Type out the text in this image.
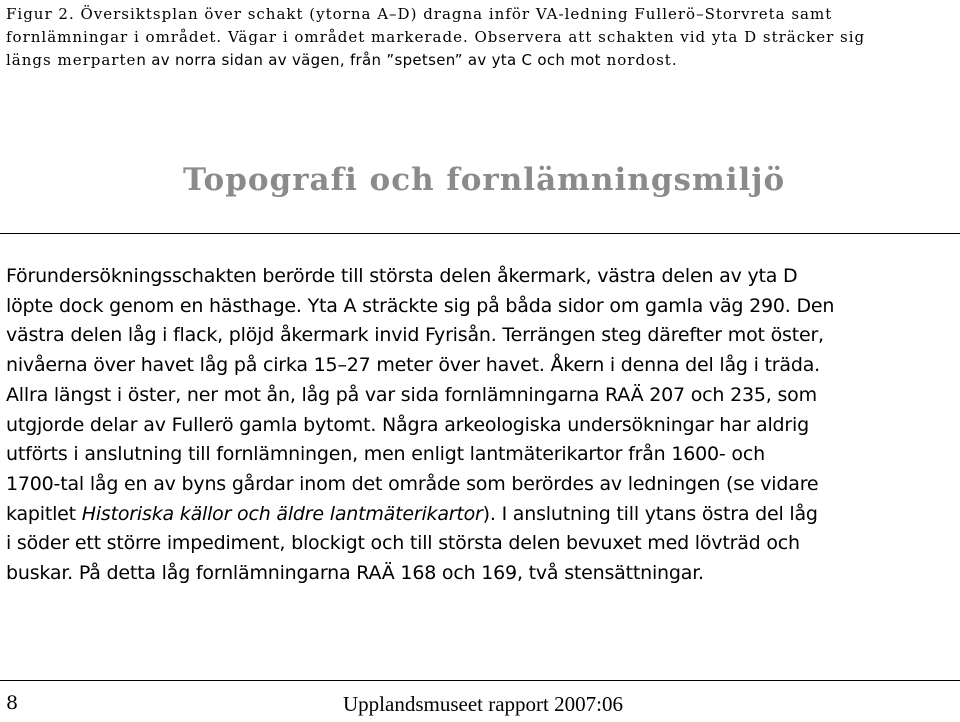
Figur 2. Översiktsplan över schakt (ytorna A–D) dragna inför VA-ledning Fullerö–Storvreta samt
fornlämningar i området. Vägar i området markerade. Observera att schakten vid yta D sträcker sig
längs merparten av norra sidan av vägen, från ”spetsen” av yta C och mot nordost.
Topografi och fornlämningsmiljö
Förundersökningsschakten berörde till största delen åkermark, västra delen av yta D
löpte dock genom en hästhage. Yta A sträckte sig på båda sidor om gamla väg 290. Den
västra delen låg i flack, plöjd åkermark invid Fyrisån. Terrängen steg därefter mot öster,
nivåerna över havet låg på cirka 15–27 meter över havet. Åkern i denna del låg i träda.
Allra längst i öster, ner mot ån, låg på var sida fornlämningarna RAÄ 207 och 235, som
utgjorde delar av Fullerö gamla bytomt. Några arkeologiska undersökningar har aldrig
utförts i anslutning till fornlämningen, men enligt lantmäterikartor från 1600- och
1700-tal låg en av byns gårdar inom det område som berördes av ledningen (se vidare
kapitlet Historiska källor och äldre lantmäterikartor). I anslutning till ytans östra del låg
i söder ett större impediment, blockigt och till största delen bevuxet med lövträd och
buskar. På detta låg fornlämningarna RAÄ 168 och 169, två stensättningar.
8	Upplandsmuseet rapport 2007:06
